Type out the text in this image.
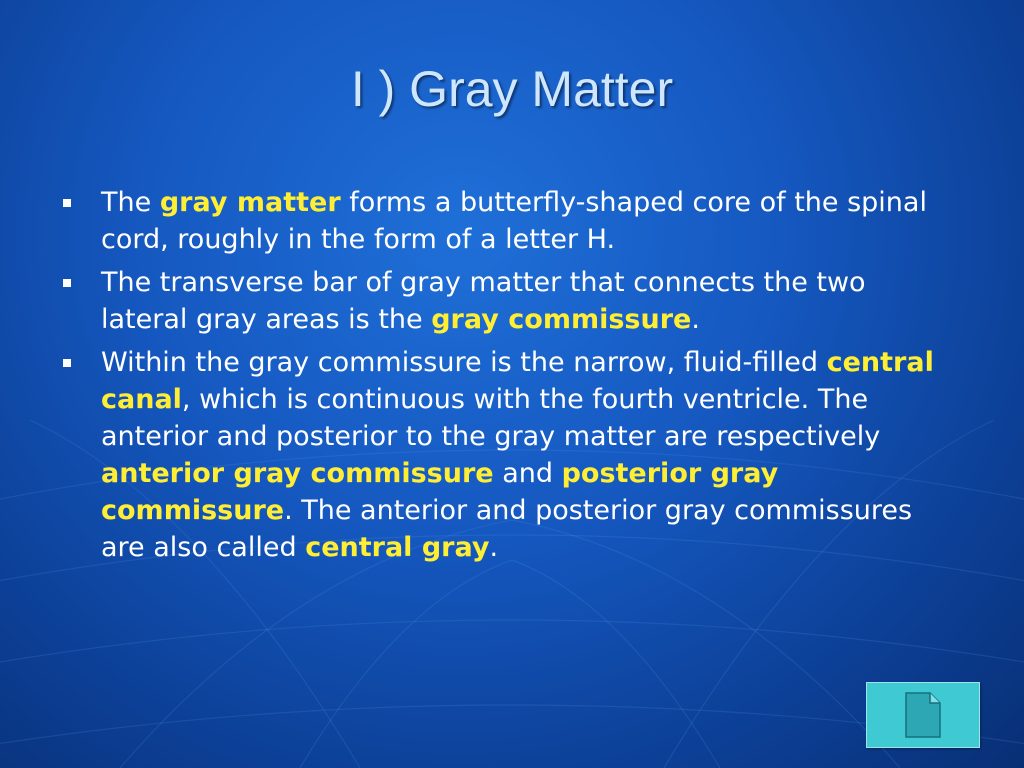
I ) Gray Matter
The gray matter forms a butterfly-shaped core of the spinal cord, roughly in the form of a letter H.
The transverse bar of gray matter that connects the two lateral gray areas is the gray commissure.
Within the gray commissure is the narrow, fluid-filled central canal, which is continuous with the fourth ventricle. The anterior and posterior to the gray matter are respectively anterior gray commissure and posterior gray commissure. The anterior and posterior gray commissures are also called central gray.
